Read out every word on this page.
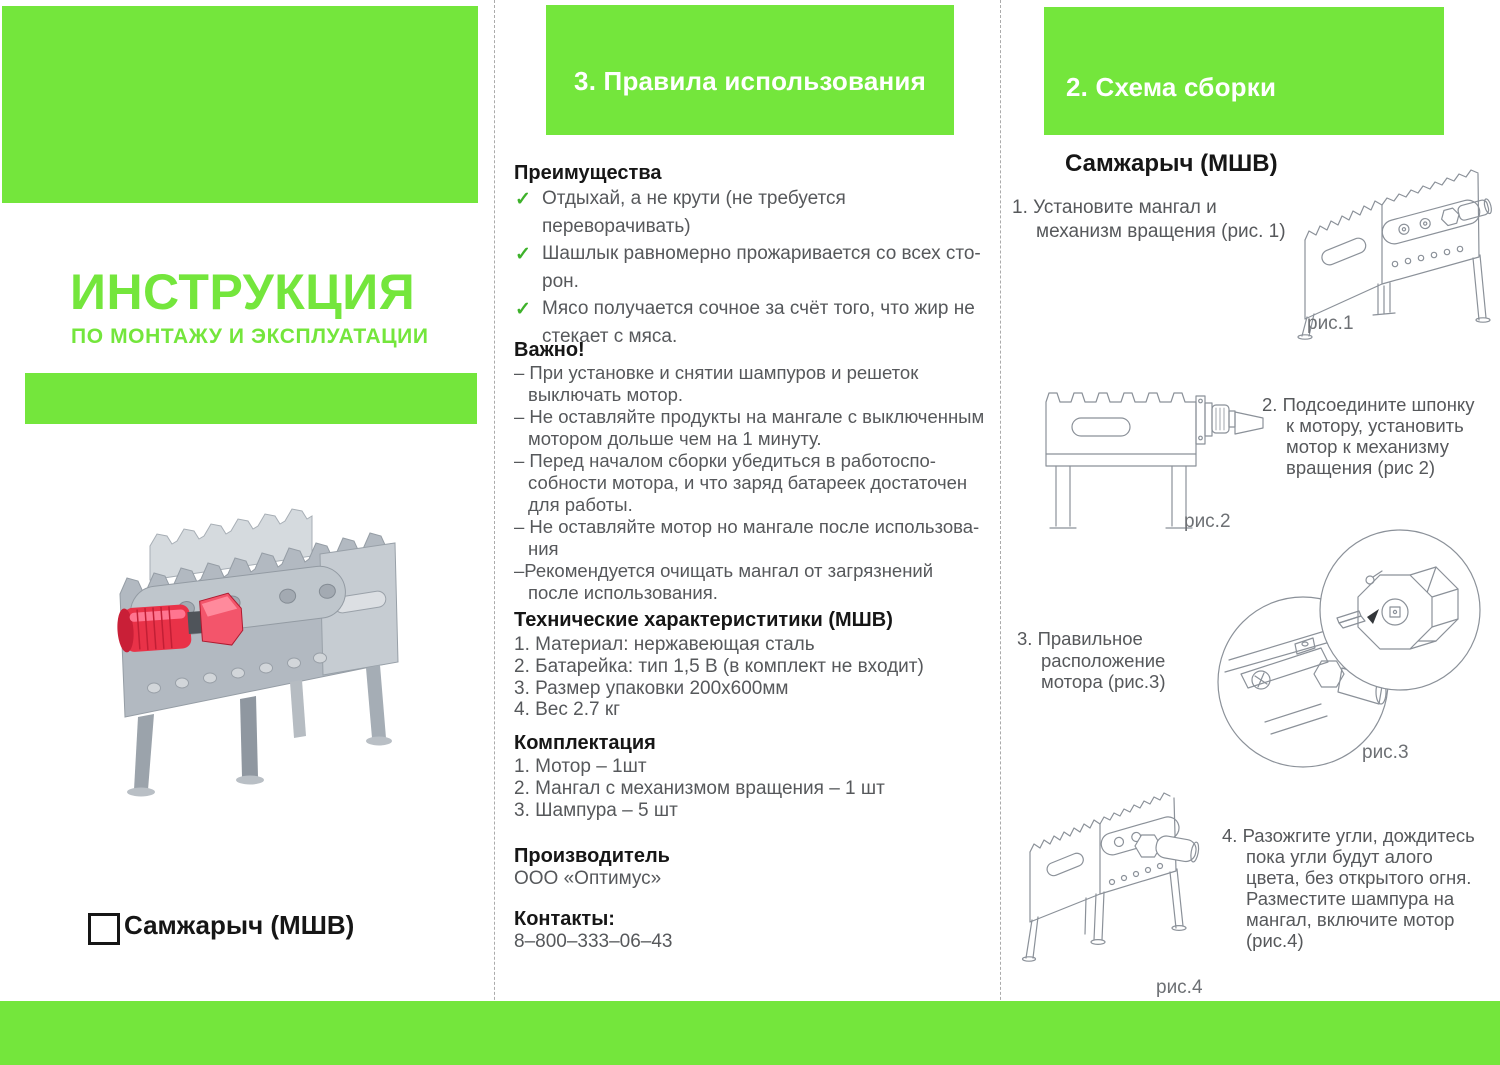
ИНСТРУКЦИЯ
ПО МОНТАЖУ И ЭКСПЛУАТАЦИИ
Самжарыч (МШВ)
3. Правила использования
Преимущества
✓ Отдыхай, а не крути (не требуется переворачивать)
✓ Шашлык равномерно прожаривается со всех сто-
рон.
✓ Мясо получается сочное за счёт того, что жир не
стекает с мяса.
Важно!
– При установке и снятии шампуров и решеток
выключать мотор.
– Не оставляйте продукты на мангале с выключенным
мотором дольше чем на 1 минуту.
– Перед началом сборки убедиться в работоспо-
собности мотора, и что заряд батареек достаточен
для работы.
– Не оставляйте мотор но мангале после использова-
ния
–Рекомендуется очищать мангал от загрязнений
после использования.
Технические характериститики (МШВ)
1. Материал: нержавеющая сталь
2. Батарейка: тип 1,5 В (в комплект не входит)
3. Размер упаковки 200х600мм
4. Вес 2.7 кг
Комплектация
1. Мотор – 1шт
2. Мангал с механизмом вращения – 1 шт
3. Шампура – 5 шт
Производитель
ООО «Оптимус»
Контакты:
8–800–333–06–43
2. Схема сборки
Самжарыч (МШВ)
1. Установите мангал и
механизм вращения (рис. 1)
рис.1
рис.2
2. Подсоедините шпонку
к мотору, установить
мотор к механизму
вращения (рис 2)
3. Правильное
расположение
мотора (рис.3)
рис.3
рис.4
4. Разожгите угли, дождитесь
пока угли будут алого
цвета, без открытого огня.
Разместите шампура на
мангал, включите мотор
(рис.4)
